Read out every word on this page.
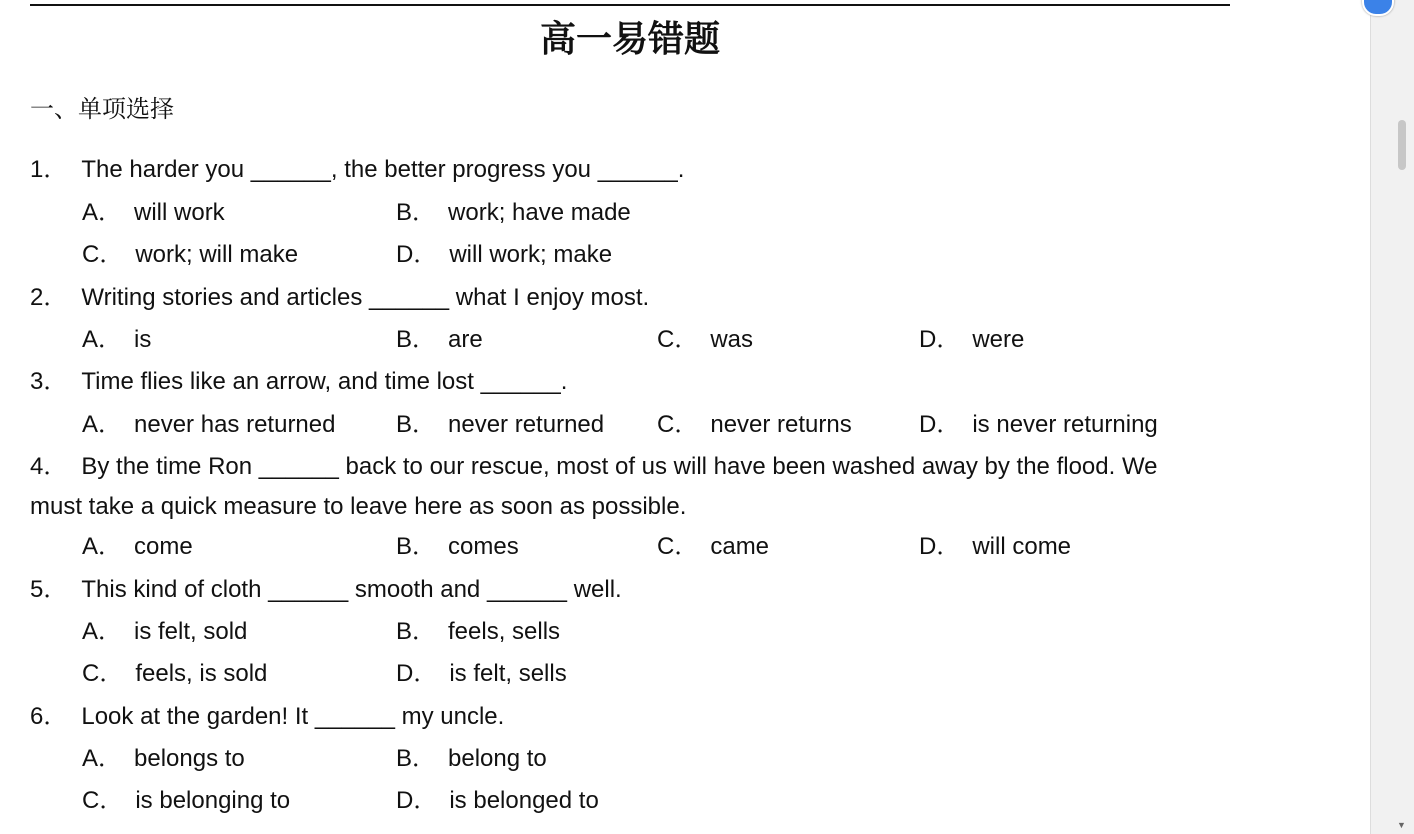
高一易错题
一、单项选择
1． The harder you ______, the better progress you ______.
A． will work	B． work; have made
C． work; will make	D． will work; make
2． Writing stories and articles ______ what I enjoy most.
A． is	B． are	C． was	D． were
3． Time flies like an arrow, and time lost ______.
A． never has returned	B． never returned C． never returns	D． is never returning
4． By the time Ron ______ back to our rescue, most of us will have been washed away by the flood. We
must take a quick measure to leave here as soon as possible.
A． come	B． comes	C． came	D． will come
5． This kind of cloth ______ smooth and ______ well.
A． is felt, sold	B． feels, sells
C． feels, is sold	D． is felt, sells
6． Look at the garden! It ______ my uncle.
A． belongs to	B． belong to
C． is belonging to	D． is belonged to
▼
